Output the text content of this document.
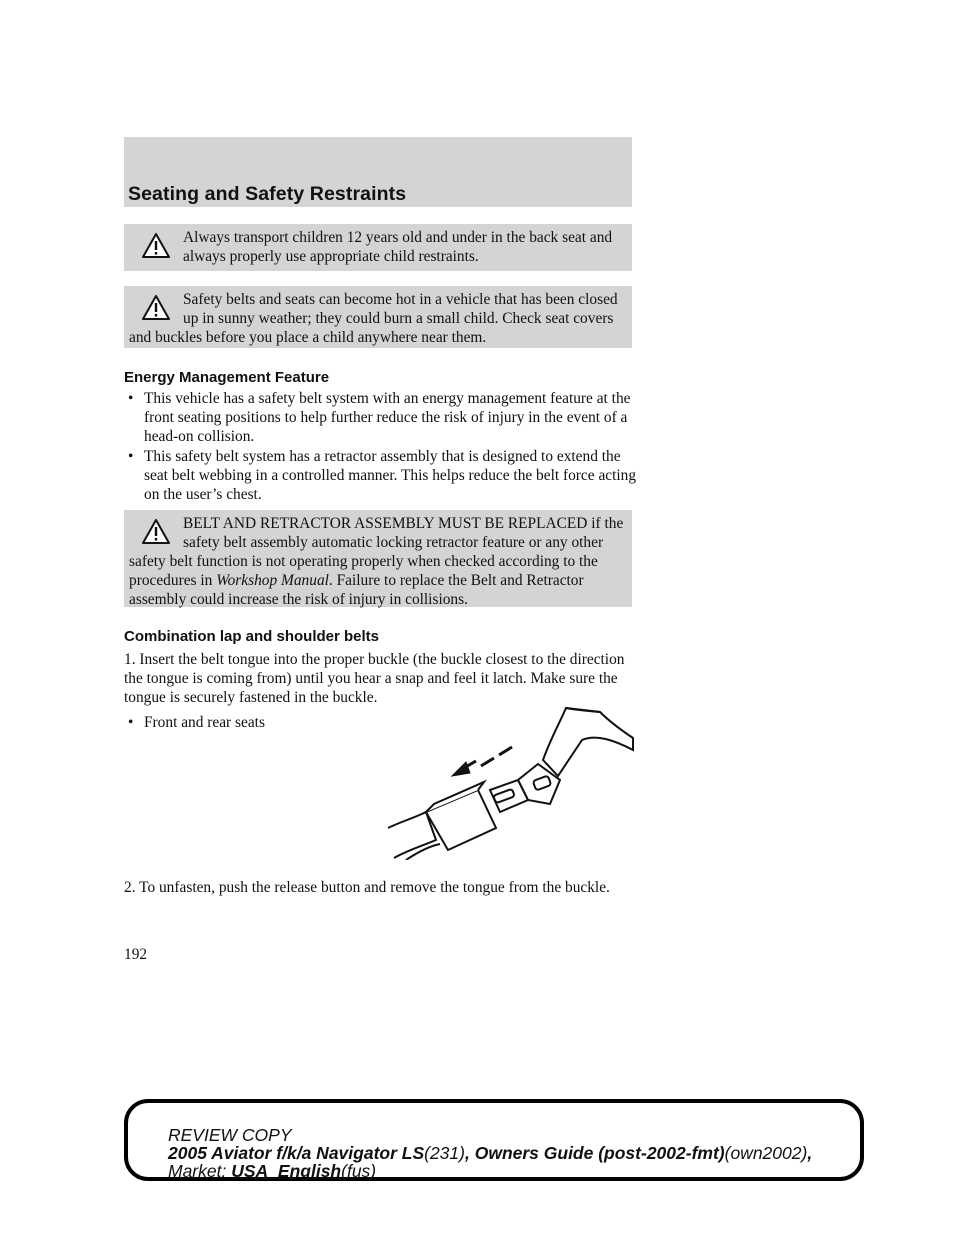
Seating and Safety Restraints
Always transport children 12 years old and under in the back seat and always properly use appropriate child restraints.
Safety belts and seats can become hot in a vehicle that has been closed up in sunny weather; they could burn a small child. Check seat covers and buckles before you place a child anywhere near them.
Energy Management Feature
• This vehicle has a safety belt system with an energy management feature at the front seating positions to help further reduce the risk of injury in the event of a head-on collision.
• This safety belt system has a retractor assembly that is designed to extend the seat belt webbing in a controlled manner. This helps reduce the belt force acting on the user’s chest.
BELT AND RETRACTOR ASSEMBLY MUST BE REPLACED if the safety belt assembly automatic locking retractor feature or any other safety belt function is not operating properly when checked according to the procedures in Workshop Manual. Failure to replace the Belt and Retractor assembly could increase the risk of injury in collisions.
Combination lap and shoulder belts
1. Insert the belt tongue into the proper buckle (the buckle closest to the direction the tongue is coming from) until you hear a snap and feel it latch. Make sure the tongue is securely fastened in the buckle.
• Front and rear seats
2. To unfasten, push the release button and remove the tongue from the buckle.
192
REVIEW COPY
2005 Aviator f/k/a Navigator LS(231), Owners Guide (post-2002-fmt)(own2002),
Market: USA_English(fus)
